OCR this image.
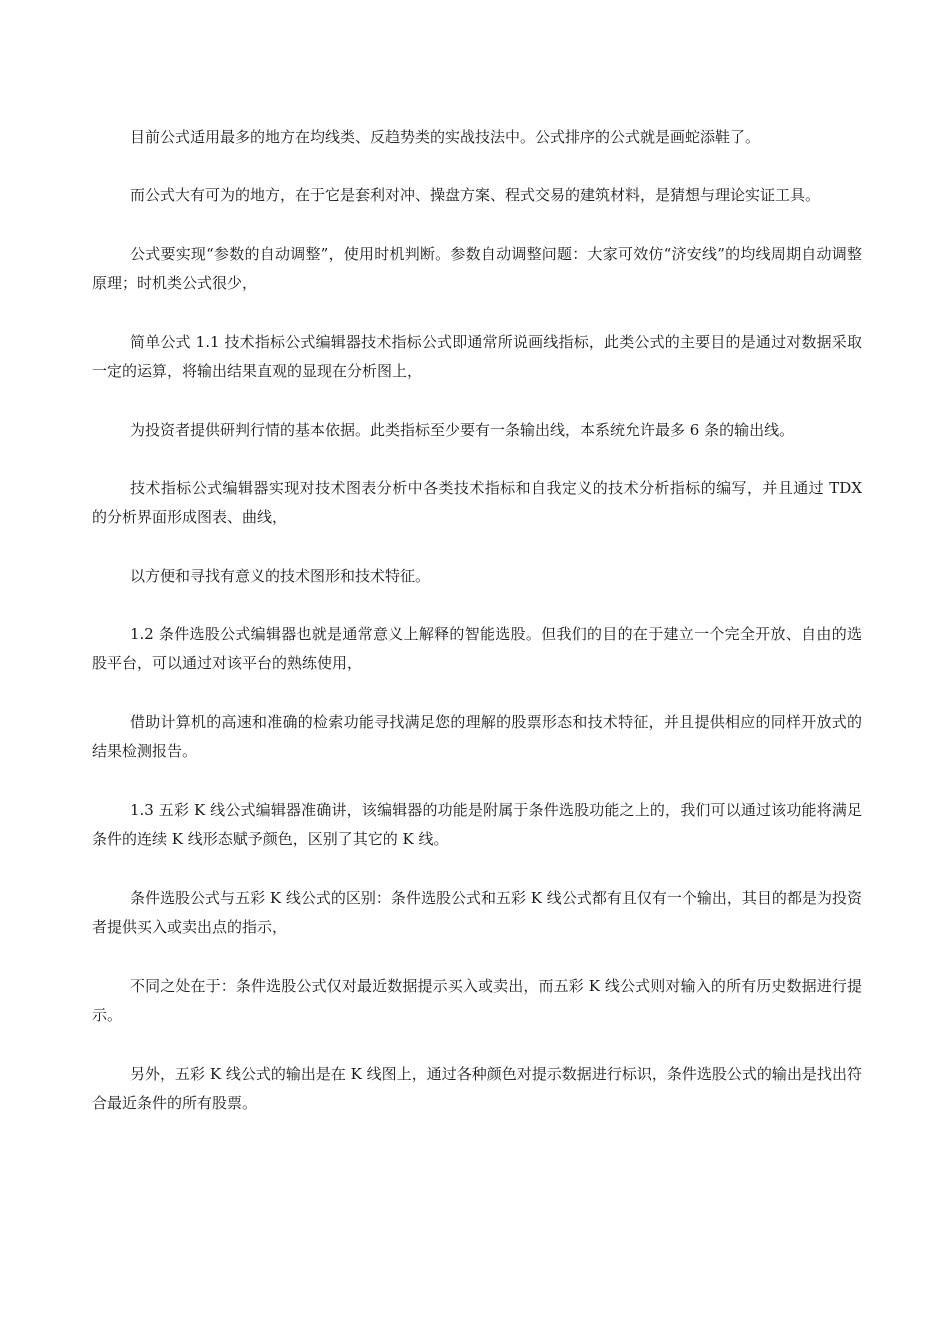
目前公式适用最多的地方在均线类、反趋势类的实战技法中。公式排序的公式就是画蛇添鞋了。

而公式大有可为的地方，在于它是套利对冲、操盘方案、程式交易的建筑材料，是猜想与理论实证工具。

公式要实现“参数的自动调整”，使用时机判断。参数自动调整问题：大家可效仿“济安线”的均线周期自动调整原理；时机类公式很少，

简单公式 1.1 技术指标公式编辑器技术指标公式即通常所说画线指标，此类公式的主要目的是通过对数据采取一定的运算，将输出结果直观的显现在分析图上，

为投资者提供研判行情的基本依据。此类指标至少要有一条输出线，本系统允许最多 6 条的输出线。

技术指标公式编辑器实现对技术图表分析中各类技术指标和自我定义的技术分析指标的编写，并且通过 TDX 的分析界面形成图表、曲线，

以方便和寻找有意义的技术图形和技术特征。

1.2 条件选股公式编辑器也就是通常意义上解释的智能选股。但我们的目的在于建立一个完全开放、自由的选股平台，可以通过对该平台的熟练使用，

借助计算机的高速和准确的检索功能寻找满足您的理解的股票形态和技术特征，并且提供相应的同样开放式的结果检测报告。

1.3 五彩 K 线公式编辑器准确讲，该编辑器的功能是附属于条件选股功能之上的，我们可以通过该功能将满足条件的连续 K 线形态赋予颜色，区别了其它的 K 线。

条件选股公式与五彩 K 线公式的区别：条件选股公式和五彩 K 线公式都有且仅有一个输出，其目的都是为投资者提供买入或卖出点的指示，

不同之处在于：条件选股公式仅对最近数据提示买入或卖出，而五彩 K 线公式则对输入的所有历史数据进行提示。

另外，五彩 K 线公式的输出是在 K 线图上，通过各种颜色对提示数据进行标识，条件选股公式的输出是找出符合最近条件的所有股票。
